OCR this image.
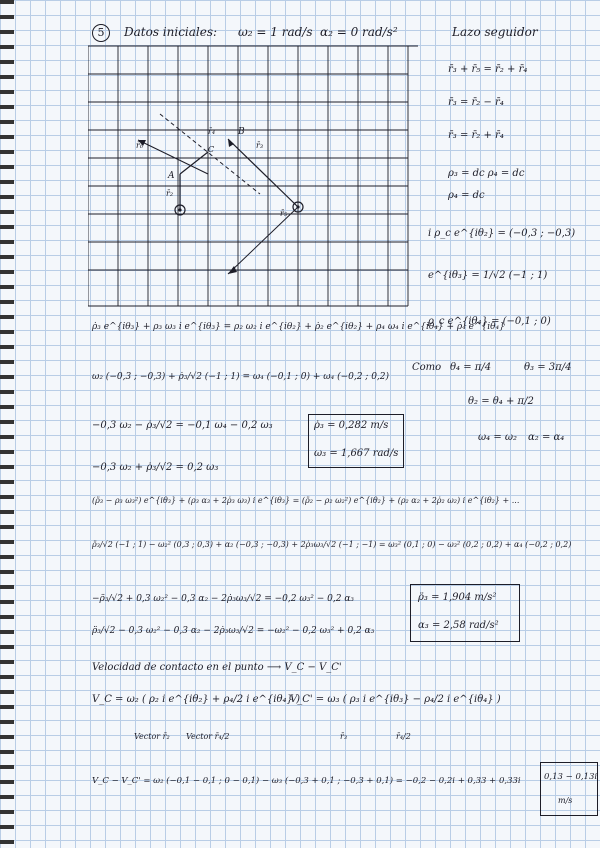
5	Datos iniciales: ω₂ = 1 rad/s α₂ = 0 rad/s²	Lazo seguidor
A
B
C
r̄₂
r̄₃
r̄₄
r̄₅
r̄₆
r̄₃ + r̄₅ = r̄₂ + r̄₄
r̄₃ = r̄₂ − r̄₄
r̄₃ = r̄₂ + r̄₄
ρ₃ = dc ρ₄ = dc
ρ₄ = dc
i ρ_c e^{iθ₂} = (−0,3 ; −0,3)
e^{iθ₃} = 1/√2 (−1 ; 1)
ρ_c e^{iθ₄} = (−0,1 ; 0)
ρ̇₃ e^{iθ₃} + ρ₃ ω₃ i e^{iθ₃} = ρ₂ ω₂ i e^{iθ₂} + ρ̇₂ e^{iθ₂} + ρ₄ ω₄ i e^{iθ₄} + ρ̇₄ e^{iθ₄}
ω₂ (−0,3 ; −0,3) + ρ̇₃/√2 (−1 ; 1) = ω₄ (−0,1 ; 0) + ω₄ (−0,2 ; 0,2)
Como θ₄ = π/4	θ₃ = 3π/4
θ₂ = θ₄ + π/2
ω₄ = ω₂ α₂ = α₄
−0,3 ω₂ − ρ̇₃/√2 = −0,1 ω₄ − 0,2 ω₃
−0,3 ω₂ + ρ̇₃/√2 = 0,2 ω₃
ρ̇₃ = 0,282 m/s
ω₃ = 1,667 rad/s
(ρ̈₃ − ρ₃ ω₃²) e^{iθ₃} + (ρ₃ α₃ + 2ρ̇₃ ω₃) i e^{iθ₃} = (ρ̈₂ − ρ₂ ω₂²) e^{iθ₂} + (ρ₂ α₂ + 2ρ̇₂ ω₂) i e^{iθ₂} + ...
ρ̈₃/√2 (−1 ; 1) − ω₂² (0,3 ; 0,3) + α₂ (−0,3 ; −0,3) + 2ρ̇₃ω₃/√2 (−1 ; −1) = ω₃² (0,1 ; 0) − ω₃² (0,2 ; 0,2) + α₄ (−0,2 ; 0,2)
−ρ̈₃/√2 + 0,3 ω₂² − 0,3 α₂ − 2ρ̇₃ω₃/√2 = −0,2 ω₃² − 0,2 α₃
ρ̈₃/√2 − 0,3 ω₂² − 0,3 α₂ − 2ρ̇₃ω₃/√2 = −ω₂² − 0,2 ω₃² + 0,2 α₃
ρ̈₃ = 1,904 m/s²
α₃ = 2,58 rad/s²
Velocidad de contacto en el punto ⟶ V_C − V_C'
V_C = ω₂ ( ρ₂ i e^{iθ₂} + ρ₄/2 i e^{iθ₄} )
V_C' = ω₃ ( ρ₃ i e^{iθ₃} − ρ₄/2 i e^{iθ₄} )
Vector r̄₂ Vector r̄₄/2	r̄₃	r̄₄/2
V_C − V_C' = ω₂ (−0,1 − 0,1 ; 0 − 0,1) − ω₃ (−0,3 + 0,1 ; −0,3 + 0,1) = −0,2 − 0,2i + 0,33 + 0,33i	0,13 − 0,13i
m/s
